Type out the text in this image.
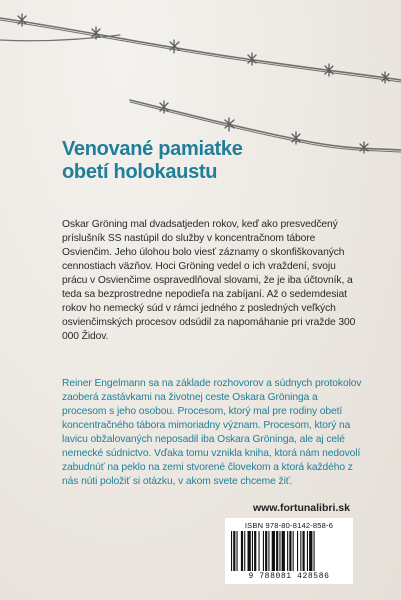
Venované pamiatke
obetí holokaustu

Oskar Gröning mal dvadsatjeden rokov, keď ako presvedčený príslušník SS nastúpil do služby v koncentračnom tábore Osvienčim. Jeho úlohou bolo viesť záznamy o skonfiškovaných cennostiach väzňov. Hoci Gröning vedel o ich vraždení, svoju prácu v Osvienčime ospravedlňoval slovami, že je iba účtovník, a teda sa bezprostredne nepodieľa na zabíjaní. Až o sedemdesiat rokov ho nemecký súd v rámci jedného z posledných veľkých osvienčimských procesov odsúdil za napomáhanie pri vražde 300 000 Židov.

Reiner Engelmann sa na základe rozhovorov a súdnych protokolov zaoberá zastávkami na životnej ceste Oskara Gröninga a procesom s jeho osobou. Procesom, ktorý mal pre rodiny obetí koncentračného tábora mimoriadny význam. Procesom, ktorý na lavicu obžalovaných neposadil iba Oskara Gröninga, ale aj celé nemecké súdnictvo. Vďaka tomu vznikla kniha, ktorá nám nedovolí zabudnúť na peklo na zemi stvorené človekom a ktorá každého z nás núti položiť si otázku, v akom svete chceme žiť.

www.fortunalibri.sk
ISBN 978-80-8142-858-6
9 788081 428586
